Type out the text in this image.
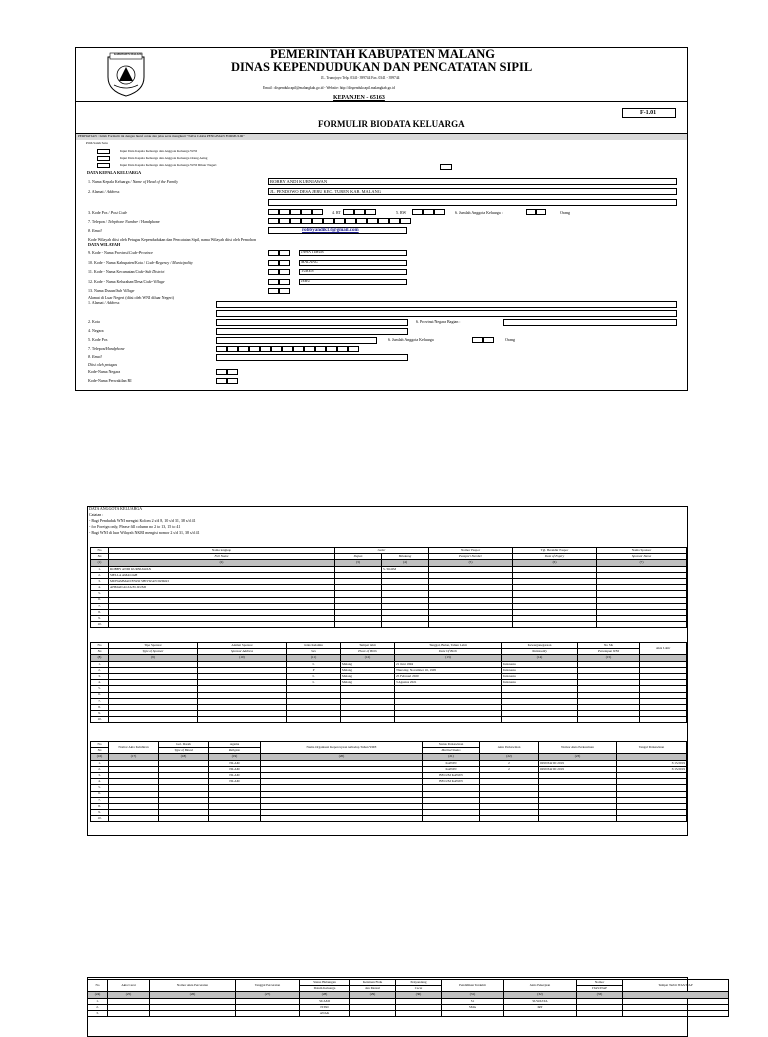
KABUPATEN MALANG	PEMERINTAH KABUPATEN MALANG
DINAS KEPENDUDUKAN DAN PENCATATAN SIPIL
JL. Trunojoyo Telp. 0341- 399744 Fax. 0341 - 399744
Email : dispendukcapil@malangkab.go.id - Website: http://dispendukcapil.malangkab.go.id
KEPANJEN - 65163
F-1.01
FORMULIR BIODATA KELUARGA
PERHATIAN : Isilah Formulir ini dengan huruf cetak dan jelas serta mengikuti "TATA CARA PENGISIAN FORMULIR"
Pilih Salah Satu
Input Data Kepala Keluarga dan Anggota Keluarga WNI
Input Data Kepala Keluarga dan Anggota Keluarga Orang Asing
Input Data Kepala Keluarga dan Anggota Keluarga WNI Diluar Negeri
DATA KEPALA KELUARGA
1. Nama Kepala Keluarga / Name of Head of the Family	ROBBY ANDI KURNIAWAN
2. Alamat / Address	JL. PENDOWO DESA JERU KEC. TUREN KAB. MALANG
3. Kode Pos / Post Code	4. RT	5. RW	6. Jumlah Anggota Keluarga :	Orang
7. Telepon / Telephone Number / Handphone
8. Email	robbyandik13@gmail.com
Kode Wilayah diisi oleh Petugas Kependudukan dan Pencatatan Sipil, nama Wilayah diisi oleh Pemohon
DATA WILAYAH
9. Kode - Nama Provinsi/Code-Province	JAWA TIMUR
10. Kode - Nama Kabupaten/Kota / Code-Regency / Municipality	MALANG
11. Kode - Nama Kecamatan/Code-Sub District	TUREN
12. Kode - Nama Kelurahan/Desa/Code-Village	JERU
13. Nama Dusun/Sub Village
Alamat di Luar Negeri (diisi oleh WNI diluar Negeri)
1. Alamat / Address
2. Kota	6. Provinsi/Negara Bagian :
4. Negara
5. Kode Pos	6. Jumlah Anggota Keluarga	Orang
7. Telepon/Handphone
8. Email
Diisi oleh petugas
Kode-Nama Negara
Kode-Nama Perwakilan RI
DATA ANGGOTA KELUARGA
Catatan :
- Bagi Penduduk WNI mengisi Kolom 2 s/d 8, 10 s/d 31, 38 s/d 41
- for Foreign only, Please fill column no 2 to 13, 15 to 41
- Bagi WNI di luar Wilayah NKRI mengisi nomor 2 s/d 31, 38 s/d 41
No	Nama lengkap	Gelar		Nomor Paspor	Tgl. Berakhir Paspor	Nama Sponsor
No	Full Name	Depan	Belakang	Passport Number	Date of Expiry	Sponsor Name
(1)	(2)	(3)	(4)	(5)	(6)	(7)
1.	ROBBY ANDI KURNIAWAN		S. SKOM			
2.	SIELLA AMALIAH					
3.	MUHAMMAD ENZO SHIVIZAN DZIKRI					
4.	AHMAD ALZA EL RUMI					
5.						
6.						
7.						
8.						
9.						
10.						
No	Tipe Sponsor	Alamat Sponsor	Jenis Kelamin	Tempat lahir	Tanggal, Bulan, Tahun Lahir	Kewarganegaraan	No SK	Akta Lahir
No	Type of Sponsor	Sponsor Address	Sex	Place of Birth	Date Of Birth	Nationality	Penetapan WNI	
(8)	(9)	(10)	(11)	(12)	(13)	(14)	(15)	
1.			L	Malang	21 Juni 1994	Indonesia		
2.			P	Malang	Thursday, November 16, 1995	Indonesia		
3.			L	Malang	25 Februari 2020	Indonesia		
4.			L	Malang	3 Agustus 2021	Indonesia		
5.								
6.								
7.								
8.								
9.								
10.								
No	Nomor Akta Kelahiran	Gol. Darah	Agama	Nama Organisasi Kepercayaan terhadap Tuhan YME	Status Perkawinan	Akta Perkawinan	Nomor Akta Perkawinan	Tangal Perkawinan
No		Type of Blood	Religion		Marital Status			
(16)	(17)	(18)	(19)	(20)	(21)	(22)	(23)	
1.			ISLAM		KAWIN	2	0299 842 III 2019	3/15/2019
2.			ISLAM		KAWIN	2	0299 842 III 2019	3/15/2019
3.			ISLAM		BELUM KAWIN			
4.			ISLAM		BELUM KAWIN			
5.								
6.								
7.								
8.								
9.								
10.								
No	Akta Cerai	Nomor Akta Perceraian	Tanggal Perceraian	Status Hubungan	Kelainan Fisik	Penyandang	Pendidikan Terakhir	Jenis Pekerjaan	Nomor	Tempat Terbit ITAS/ITAP
				Dalam Keluarga	dan Mental	Cacat			ITAS/ITAP	
(24)	(25)	(26)	(27)	(28)	(29)	(30)	(31)	(32)	(33)	
1.				SUAMI			S1	SUWASTA		
2.				ISTRI			SMA	IRT		
3.				ANAK						
